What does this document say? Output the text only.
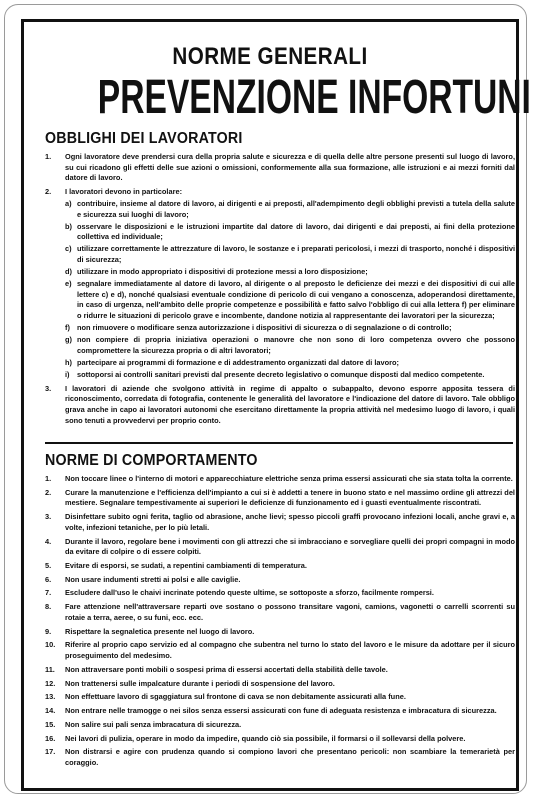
NORME GENERALI
PREVENZIONE INFORTUNI
OBBLIGHI DEI LAVORATORI
1. Ogni lavoratore deve prendersi cura della propria salute e sicurezza e di quella delle altre persone presenti sul luogo di lavoro, su cui ricadono gli effetti delle sue azioni o omissioni, conformemente alla sua formazione, alle istruzioni e ai mezzi forniti dal datore di lavoro.
2. I lavoratori devono in particolare:
a) contribuire, insieme al datore di lavoro, ai dirigenti e ai preposti, all'adempimento degli obblighi previsti a tutela della salute e sicurezza sui luoghi di lavoro;
b) osservare le disposizioni e le istruzioni impartite dal datore di lavoro, dai dirigenti e dai preposti, ai fini della protezione collettiva ed individuale;
c) utilizzare correttamente le attrezzature di lavoro, le sostanze e i preparati pericolosi, i mezzi di trasporto, nonché i dispositivi di sicurezza;
d) utilizzare in modo appropriato i dispositivi di protezione messi a loro disposizione;
e) segnalare immediatamente al datore di lavoro, al dirigente o al preposto le deficienze dei mezzi e dei dispositivi di cui alle lettere c) e d), nonché qualsiasi eventuale condizione di pericolo di cui vengano a conoscenza, adoperandosi direttamente, in caso di urgenza, nell'ambito delle proprie competenze e possibilità e fatto salvo l'obbligo di cui alla lettera f) per eliminare o ridurre le situazioni di pericolo grave e incombente, dandone notizia al rappresentante dei lavoratori per la sicurezza;
f) non rimuovere o modificare senza autorizzazione i dispositivi di sicurezza o di segnalazione o di controllo;
g) non compiere di propria iniziativa operazioni o manovre che non sono di loro competenza ovvero che possono compromettere la sicurezza propria o di altri lavoratori;
h) partecipare ai programmi di formazione e di addestramento organizzati dal datore di lavoro;
i) sottoporsi ai controlli sanitari previsti dal presente decreto legislativo o comunque disposti dal medico competente.
3. I lavoratori di aziende che svolgono attività in regime di appalto o subappalto, devono esporre apposita tessera di riconoscimento, corredata di fotografia, contenente le generalità del lavoratore e l'indicazione del datore di lavoro. Tale obbligo grava anche in capo ai lavoratori autonomi che esercitano direttamente la propria attività nel medesimo luogo di lavoro, i quali sono tenuti a provvedervi per proprio conto.
NORME DI COMPORTAMENTO
1. Non toccare linee o l'interno di motori e apparecchiature elettriche senza prima essersi assicurati che sia stata tolta la corrente.
2. Curare la manutenzione e l'efficienza dell'impianto a cui si è addetti a tenere in buono stato e nel massimo ordine gli attrezzi del mestiere. Segnalare tempestivamente ai superiori le deficienze di funzionamento ed i guasti eventualmente riscontrati.
3. Disinfettare subito ogni ferita, taglio od abrasione, anche lievi; spesso piccoli graffi provocano infezioni locali, anche gravi e, a volte, infezioni tetaniche, per lo più letali.
4. Durante il lavoro, regolare bene i movimenti con gli attrezzi che si imbracciano e sorvegliare quelli dei propri compagni in modo da evitare di colpire o di essere colpiti.
5. Evitare di esporsi, se sudati, a repentini cambiamenti di temperatura.
6. Non usare indumenti stretti ai polsi e alle caviglie.
7. Escludere dall'uso le chaivi incrinate potendo queste ultime, se sottoposte a sforzo, facilmente rompersi.
8. Fare attenzione nell'attraversare reparti ove sostano o possono transitare vagoni, camions, vagonetti o carrelli scorrenti su rotaie a terra, aeree, o su funi, ecc. ecc.
9. Rispettare la segnaletica presente nel luogo di lavoro.
10. Riferire al proprio capo servizio ed al compagno che subentra nel turno lo stato del lavoro e le misure da adottare per il sicuro proseguimento del medesimo.
11. Non attraversare ponti mobili o sospesi prima di essersi accertati della stabilità delle tavole.
12. Non trattenersi sulle impalcature durante i periodi di sospensione del lavoro.
13. Non effettuare lavoro di sgaggiatura sul frontone di cava se non debitamente assicurati alla fune.
14. Non entrare nelle tramogge o nei silos senza essersi assicurati con fune di adeguata resistenza e imbracatura di sicurezza.
15. Non salire sui pali senza imbracatura di sicurezza.
16. Nei lavori di pulizia, operare in modo da impedire, quando ciò sia possibile, il formarsi o il sollevarsi della polvere.
17. Non distrarsi e agire con prudenza quando si compiono lavori che presentano pericoli: non scambiare la temerarietà per coraggio.
